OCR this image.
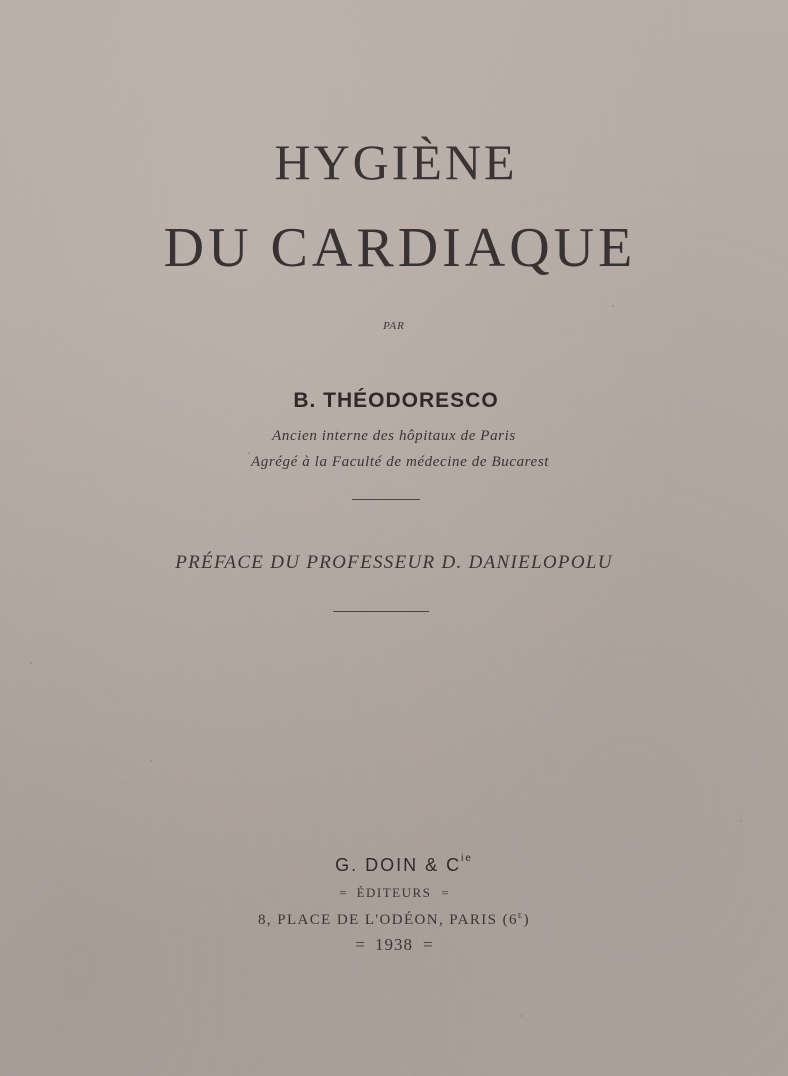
HYGIÈNE
DU CARDIAQUE
PAR
B. THÉODORESCO
Ancien interne des hôpitaux de Paris
Agrégé à la Faculté de médecine de Bucarest
PRÉFACE DU PROFESSEUR D. DANIELOPOLU
G. DOIN & $C^{ie}$
= ÉDITEURS =
8, PLACE DE L'ODÉON, PARIS $(6^e)$
= 1938 =
